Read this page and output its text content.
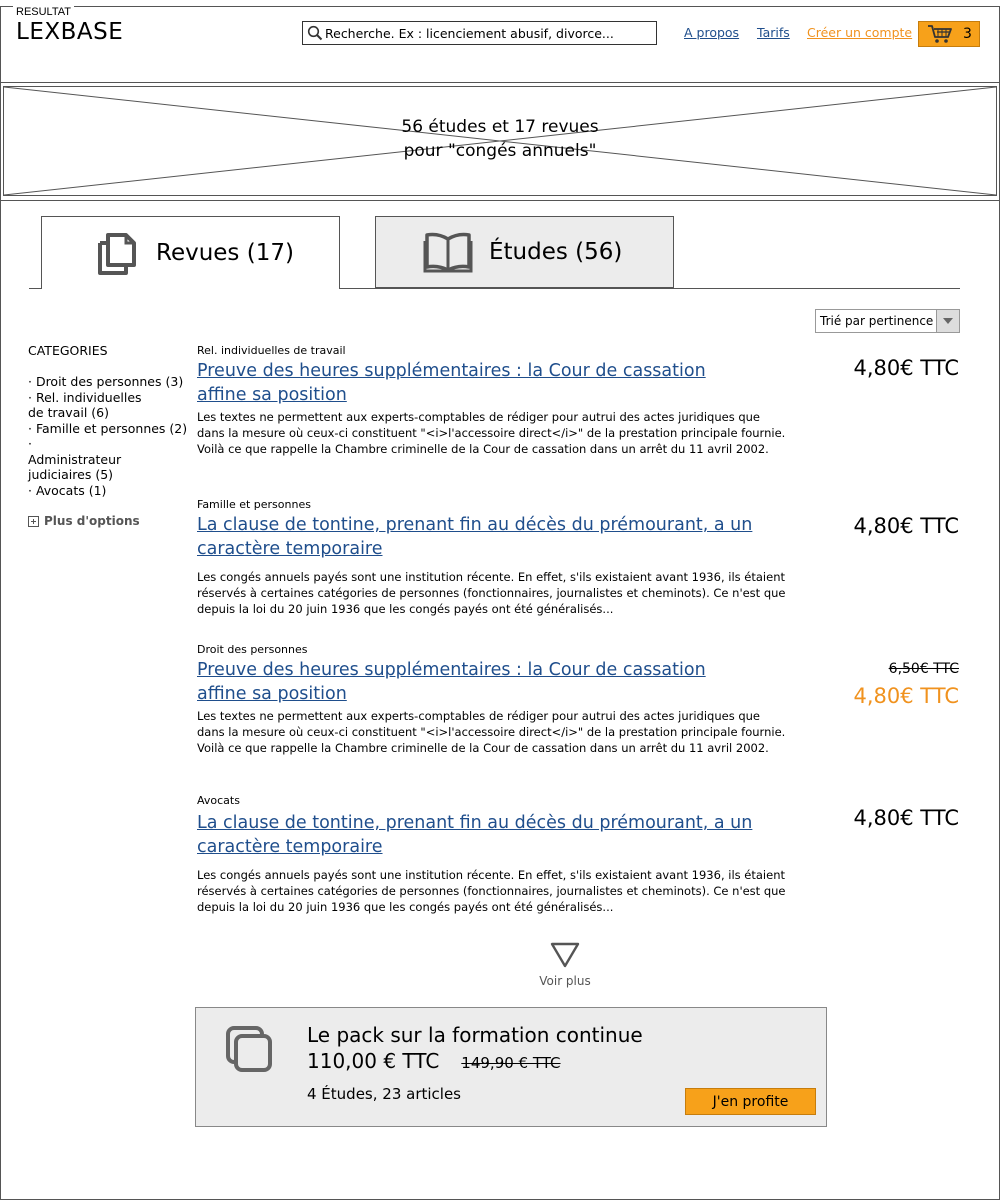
RESULTAT
LEXBASE
Recherche. Ex : licenciement abusif, divorce...	A propos Tarifs Créer un compte	3
56 études et 17 revues
pour "congés annuels"
Revues (17)	Études (56)
Trié par pertinence
CATEGORIES
· Droit des personnes (3)
· Rel. individuelles de travail (6)
· Famille et personnes (2)
· Administrateur judiciaires (5)
· Avocats (1)
Plus d'options
Rel. individuelles de travail
Preuve des heures supplémentaires : la Cour de cassation affine sa position
Les textes ne permettent aux experts-comptables de rédiger pour autrui des actes juridiques que dans la mesure où ceux-ci constituent "<i>l'accessoire direct</i>" de la prestation principale fournie. Voilà ce que rappelle la Chambre criminelle de la Cour de cassation dans un arrêt du 11 avril 2002.
4,80€ TTC
Famille et personnes
La clause de tontine, prenant fin au décès du prémourant, a un caractère temporaire
Les congés annuels payés sont une institution récente. En effet, s'ils existaient avant 1936, ils étaient réservés à certaines catégories de personnes (fonctionnaires, journalistes et cheminots). Ce n'est que depuis la loi du 20 juin 1936 que les congés payés ont été généralisés...
4,80€ TTC
Droit des personnes
Preuve des heures supplémentaires : la Cour de cassation affine sa position
Les textes ne permettent aux experts-comptables de rédiger pour autrui des actes juridiques que dans la mesure où ceux-ci constituent "<i>l'accessoire direct</i>" de la prestation principale fournie. Voilà ce que rappelle la Chambre criminelle de la Cour de cassation dans un arrêt du 11 avril 2002.
6,50€ TTC
4,80€ TTC
Avocats
La clause de tontine, prenant fin au décès du prémourant, a un caractère temporaire
Les congés annuels payés sont une institution récente. En effet, s'ils existaient avant 1936, ils étaient réservés à certaines catégories de personnes (fonctionnaires, journalistes et cheminots). Ce n'est que depuis la loi du 20 juin 1936 que les congés payés ont été généralisés...
4,80€ TTC
Voir plus
Le pack sur la formation continue
110,00 € TTC 149,90 € TTC
4 Études, 23 articles	J'en profite
